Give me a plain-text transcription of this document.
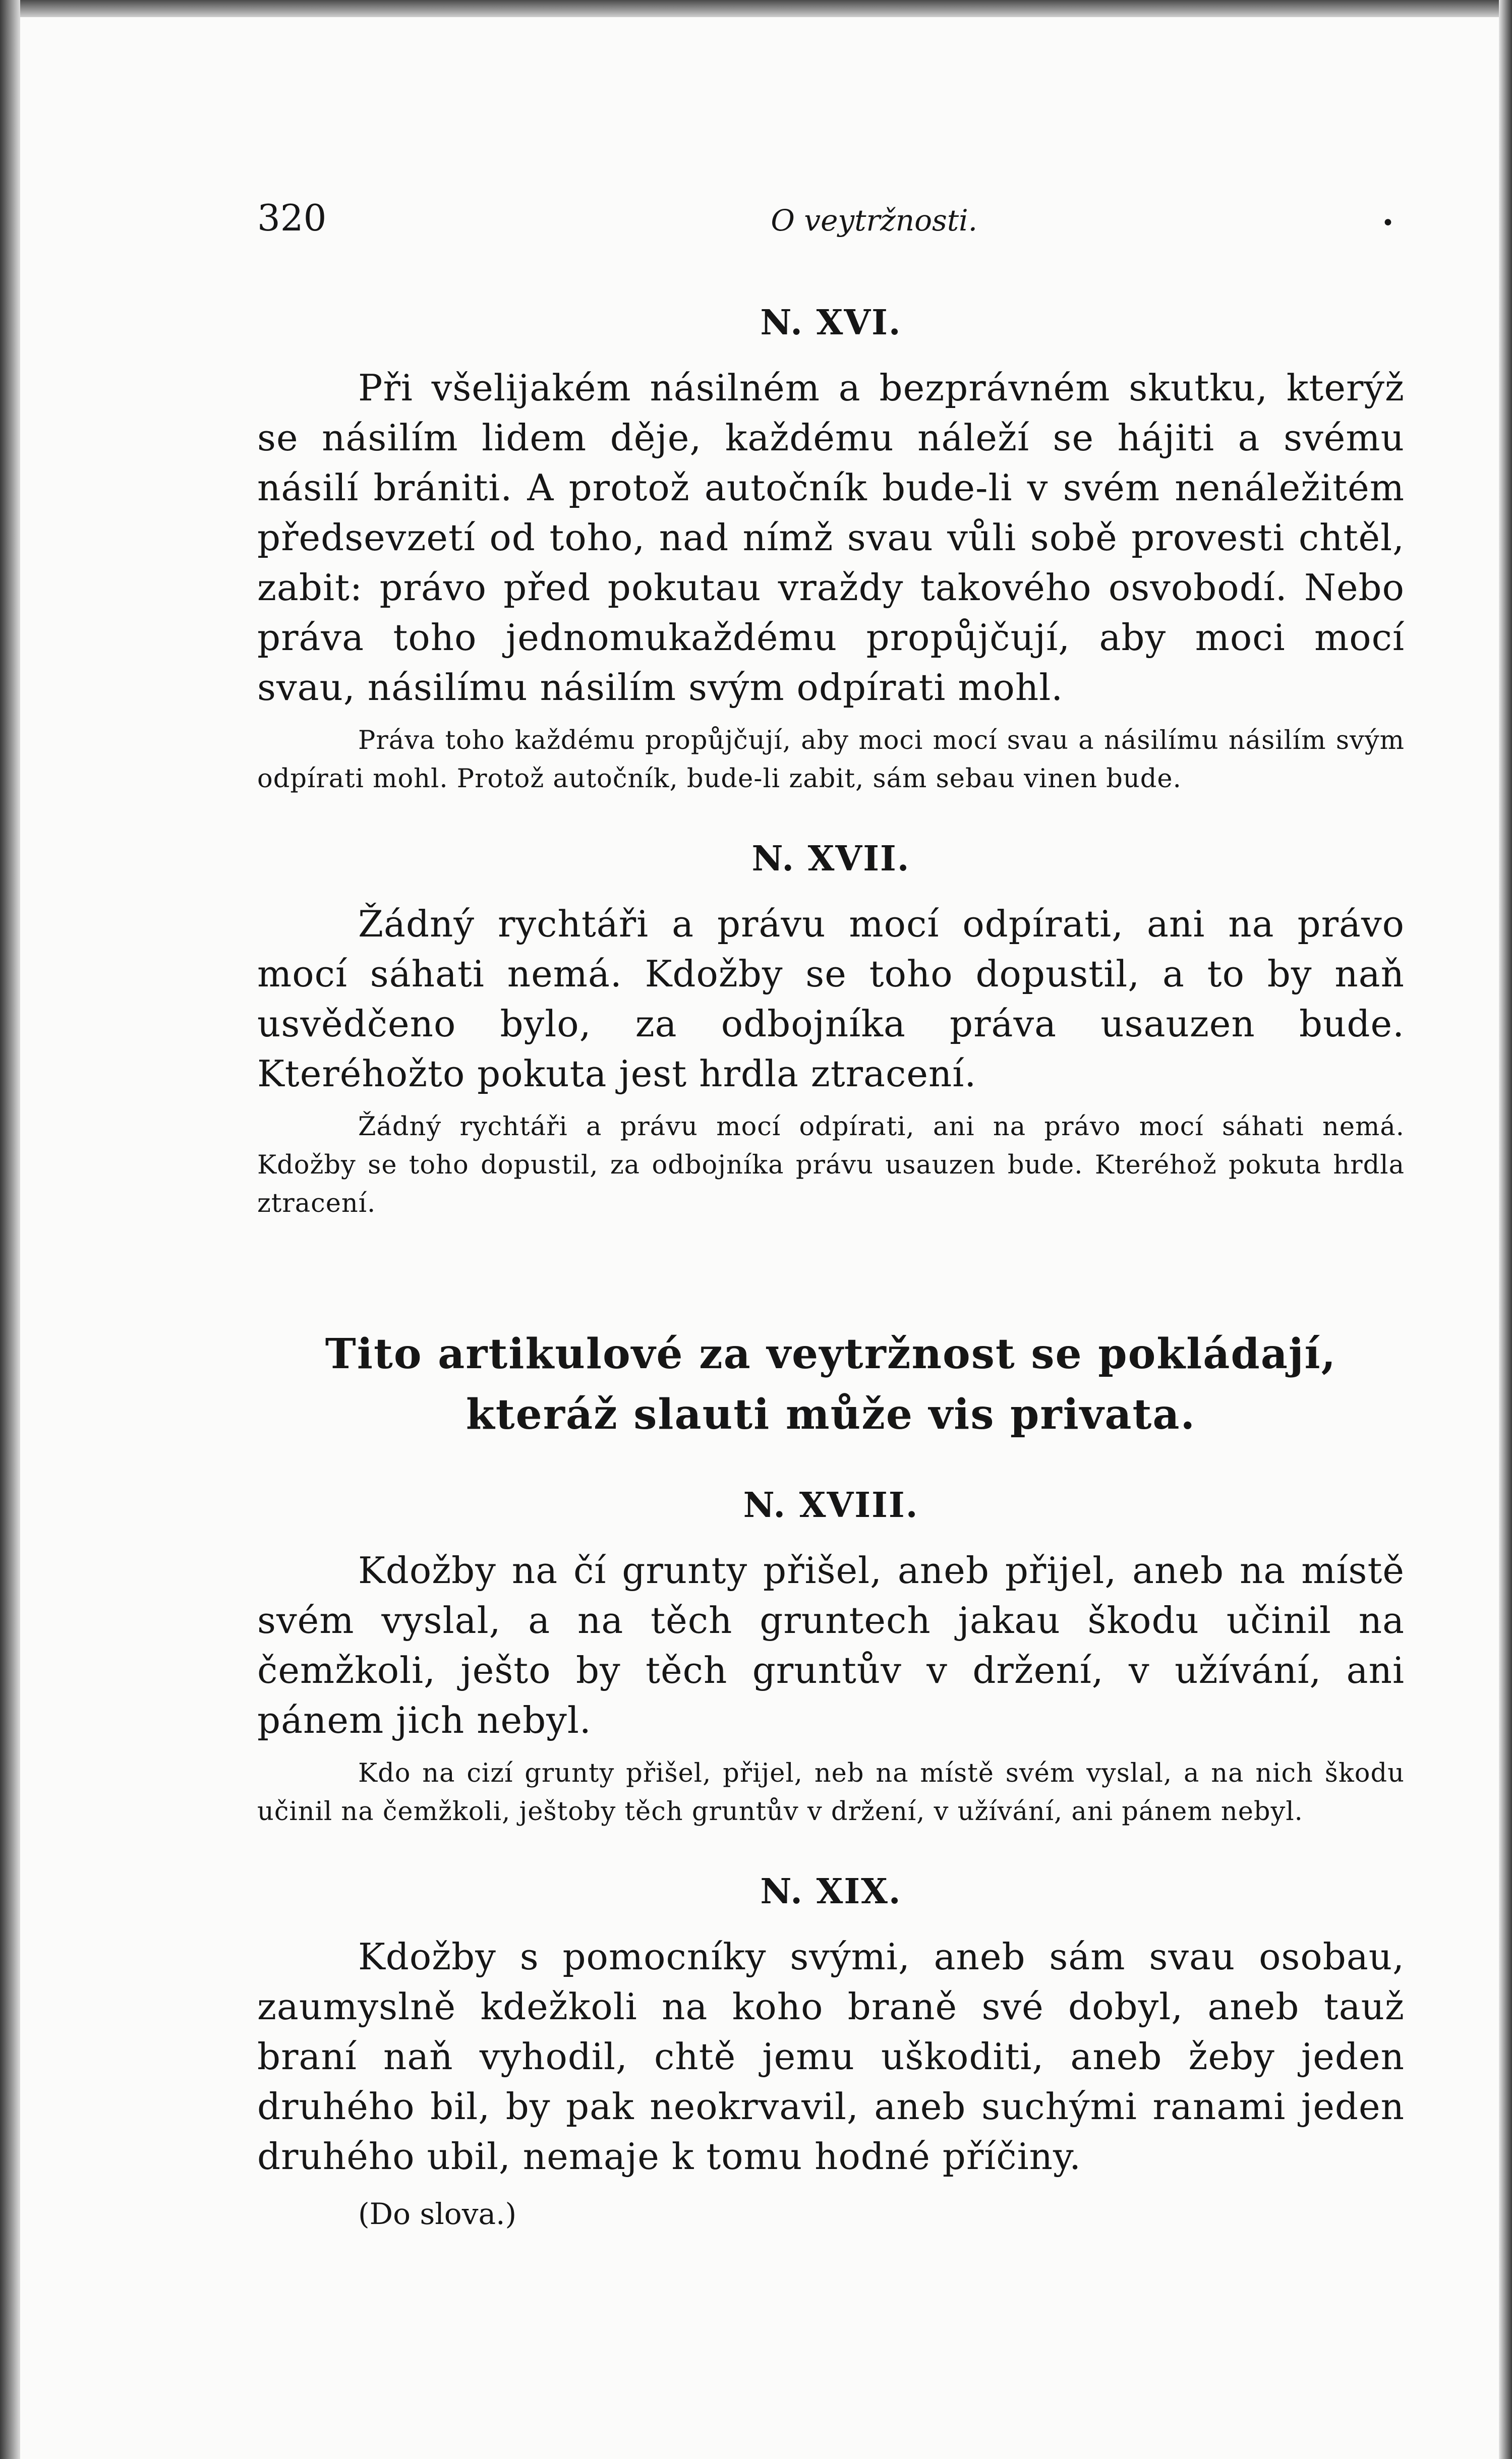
320	O veytržnosti.	•
N. XVI.

Při všelijakém násilném a bezprávném skutku, kterýž se násilím lidem děje, každému náleží se hájiti a svému násilí brániti. A protož autočník bude-li v svém nenáležitém předsevzetí od toho, nad nímž svau vůli sobě provesti chtěl, zabit: právo před pokutau vraždy takového osvobodí. Nebo práva toho jednomukaždému propůjčují, aby moci mocí svau, násilímu násilím svým odpírati mohl.

Práva toho každému propůjčují, aby moci mocí svau a násilímu násilím svým odpírati mohl. Protož autočník, bude-li zabit, sám sebau vinen bude.

N. XVII.

Žádný rychtáři a právu mocí odpírati, ani na právo mocí sáhati nemá. Kdožby se toho dopustil, a to by naň usvědčeno bylo, za odbojníka práva usauzen bude. Kteréhožto pokuta jest hrdla ztracení.

Žádný rychtáři a právu mocí odpírati, ani na právo mocí sáhati nemá. Kdožby se toho dopustil, za odbojníka právu usauzen bude. Kteréhož pokuta hrdla ztracení.

Tito artikulové za veytržnost se pokládají, kteráž slauti může vis privata.
N. XVIII.

Kdožby na čí grunty přišel, aneb přijel, aneb na místě svém vyslal, a na těch gruntech jakau škodu učinil na čemžkoli, ješto by těch gruntův v držení, v užívání, ani pánem jich nebyl.

Kdo na cizí grunty přišel, přijel, neb na místě svém vyslal, a na nich škodu učinil na čemžkoli, ještoby těch gruntův v držení, v užívání, ani pánem nebyl.

N. XIX.

Kdožby s pomocníky svými, aneb sám svau osobau, zaumyslně kdežkoli na koho braně své dobyl, aneb tauž braní naň vyhodil, chtě jemu uškoditi, aneb žeby jeden druhého bil, by pak neokrvavil, aneb suchými ranami jeden druhého ubil, nemaje k tomu hodné příčiny.

(Do slova.)
